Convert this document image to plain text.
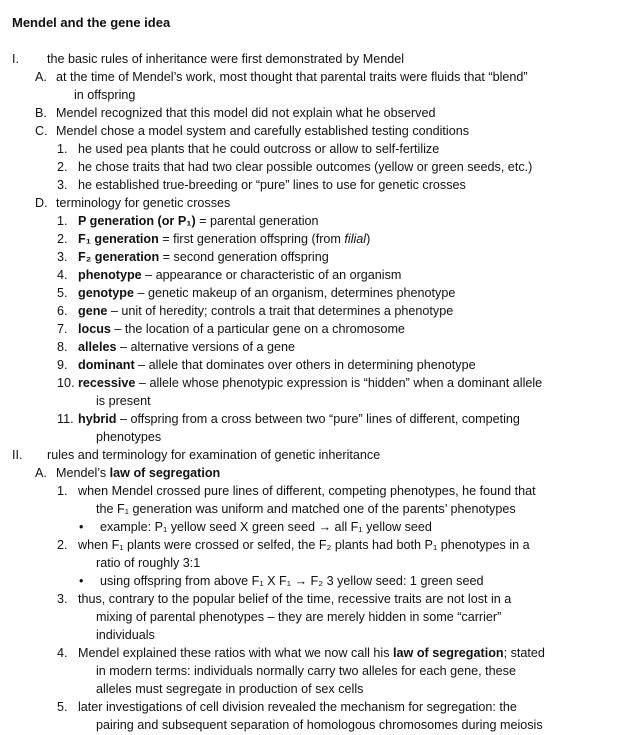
Mendel and the gene idea
I. the basic rules of inheritance were first demonstrated by Mendel
A. at the time of Mendel’s work, most thought that parental traits were fluids that “blend”
in offspring
B. Mendel recognized that this model did not explain what he observed
C. Mendel chose a model system and carefully established testing conditions
1. he used pea plants that he could outcross or allow to self-fertilize
2. he chose traits that had two clear possible outcomes (yellow or green seeds, etc.)
3. he established true-breeding or “pure” lines to use for genetic crosses
D. terminology for genetic crosses
1. P generation (or P₁) = parental generation
2. F₁ generation = first generation offspring (from filial)
3. F₂ generation = second generation offspring
4. phenotype – appearance or characteristic of an organism
5. genotype – genetic makeup of an organism, determines phenotype
6. gene – unit of heredity; controls a trait that determines a phenotype
7. locus – the location of a particular gene on a chromosome
8. alleles – alternative versions of a gene
9. dominant – allele that dominates over others in determining phenotype
10. recessive – allele whose phenotypic expression is “hidden” when a dominant allele
is present
11. hybrid – offspring from a cross between two “pure” lines of different, competing
phenotypes
II. rules and terminology for examination of genetic inheritance
A. Mendel’s law of segregation
1. when Mendel crossed pure lines of different, competing phenotypes, he found that
the F₁ generation was uniform and matched one of the parents’ phenotypes
• example: P₁ yellow seed X green seed → all F₁ yellow seed
2. when F₁ plants were crossed or selfed, the F₂ plants had both P₁ phenotypes in a
ratio of roughly 3:1
• using offspring from above F₁ X F₁ → F₂ 3 yellow seed: 1 green seed
3. thus, contrary to the popular belief of the time, recessive traits are not lost in a
mixing of parental phenotypes – they are merely hidden in some “carrier”
individuals
4. Mendel explained these ratios with what we now call his law of segregation; stated
in modern terms: individuals normally carry two alleles for each gene, these
alleles must segregate in production of sex cells
5. later investigations of cell division revealed the mechanism for segregation: the
pairing and subsequent separation of homologous chromosomes during meiosis
